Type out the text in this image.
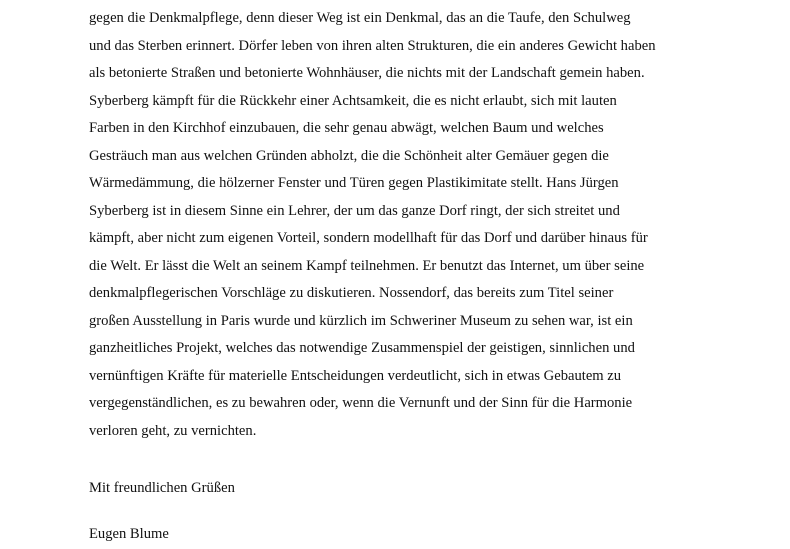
gegen die Denkmalpflege, denn dieser Weg ist ein Denkmal, das an die Taufe, den Schulweg
und das Sterben erinnert. Dörfer leben von ihren alten Strukturen, die ein anderes Gewicht haben
als betonierte Straßen und betonierte Wohnhäuser, die nichts mit der Landschaft gemein haben.
Syberberg kämpft für die Rückkehr einer Achtsamkeit, die es nicht erlaubt, sich mit lauten
Farben in den Kirchhof einzubauen, die sehr genau abwägt, welchen Baum und welches
Gesträuch man aus welchen Gründen abholzt, die die Schönheit alter Gemäuer gegen die
Wärmedämmung, die hölzerner Fenster und Türen gegen Plastikimitate stellt. Hans Jürgen
Syberberg ist in diesem Sinne ein Lehrer, der um das ganze Dorf ringt, der sich streitet und
kämpft, aber nicht zum eigenen Vorteil, sondern modellhaft für das Dorf und darüber hinaus für
die Welt. Er lässt die Welt an seinem Kampf teilnehmen. Er benutzt das Internet, um über seine
denkmalpflegerischen Vorschläge zu diskutieren. Nossendorf, das bereits zum Titel seiner
großen Ausstellung in Paris wurde und kürzlich im Schweriner Museum zu sehen war, ist ein
ganzheitliches Projekt, welches das notwendige Zusammenspiel der geistigen, sinnlichen und
vernünftigen Kräfte für materielle Entscheidungen verdeutlicht, sich in etwas Gebautem zu
vergegenständlichen, es zu bewahren oder, wenn die Vernunft und der Sinn für die Harmonie
verloren geht, zu vernichten.
Mit freundlichen Grüßen
Eugen Blume
